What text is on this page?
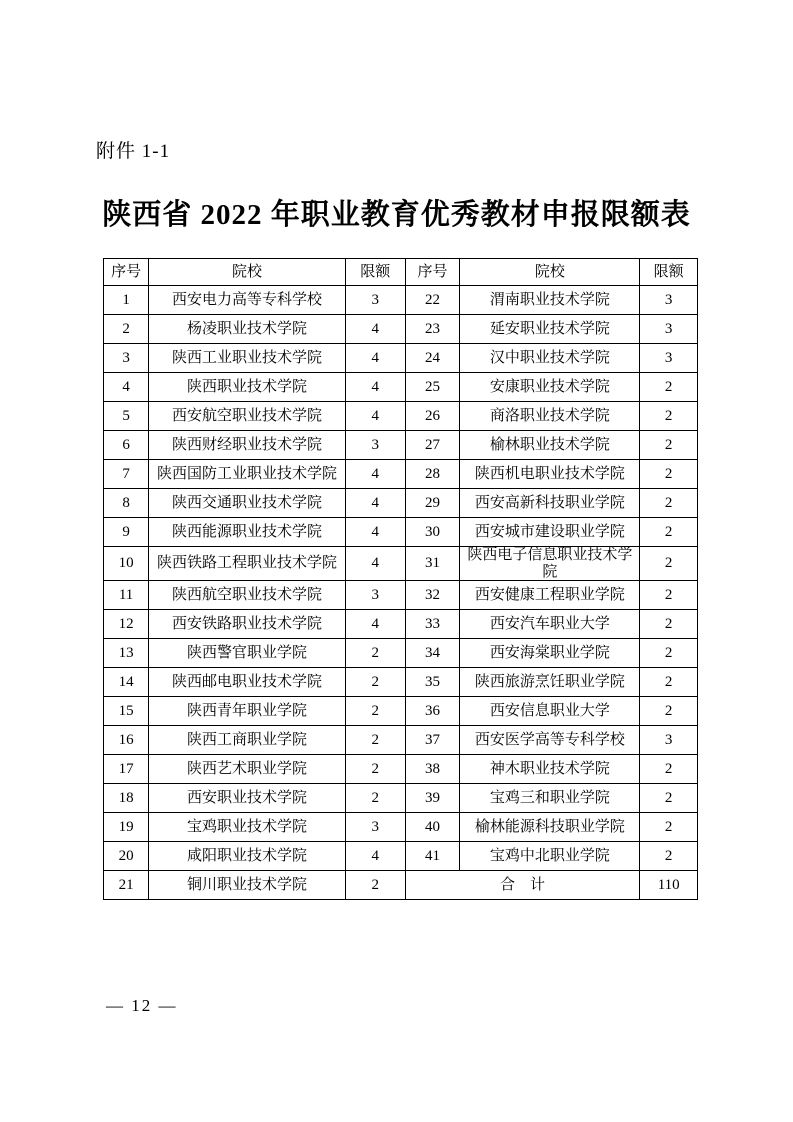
附件 1-1
陕西省 2022 年职业教育优秀教材申报限额表
序号	院校	限额	序号	院校	限额
1	西安电力高等专科学校	3	22	渭南职业技术学院	3
2	杨凌职业技术学院	4	23	延安职业技术学院	3
3	陕西工业职业技术学院	4	24	汉中职业技术学院	3
4	陕西职业技术学院	4	25	安康职业技术学院	2
5	西安航空职业技术学院	4	26	商洛职业技术学院	2
6	陕西财经职业技术学院	3	27	榆林职业技术学院	2
7	陕西国防工业职业技术学院	4	28	陕西机电职业技术学院	2
8	陕西交通职业技术学院	4	29	西安高新科技职业学院	2
9	陕西能源职业技术学院	4	30	西安城市建设职业学院	2
10	陕西铁路工程职业技术学院	4	31	陕西电子信息职业技术学院	2
11	陕西航空职业技术学院	3	32	西安健康工程职业学院	2
12	西安铁路职业技术学院	4	33	西安汽车职业大学	2
13	陕西警官职业学院	2	34	西安海棠职业学院	2
14	陕西邮电职业技术学院	2	35	陕西旅游烹饪职业学院	2
15	陕西青年职业学院	2	36	西安信息职业大学	2
16	陕西工商职业学院	2	37	西安医学高等专科学校	3
17	陕西艺术职业学院	2	38	神木职业技术学院	2
18	西安职业技术学院	2	39	宝鸡三和职业学院	2
19	宝鸡职业技术学院	3	40	榆林能源科技职业学院	2
20	咸阳职业技术学院	4	41	宝鸡中北职业学院	2
21	铜川职业技术学院	2	合　计		110
— 12 —
